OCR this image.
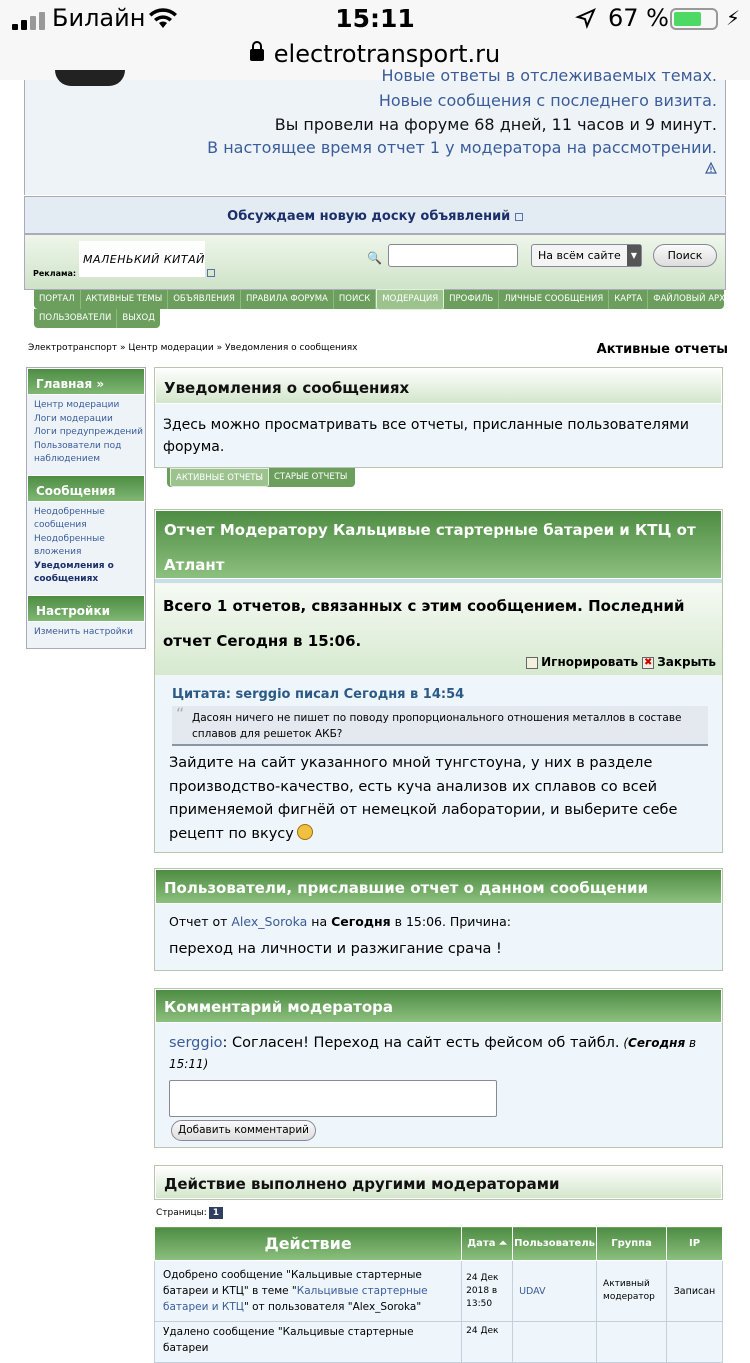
Билайн	15:11	67 %	⚡
electrotransport.ru
Новые ответы в отслеживаемых темах.
Новые сообщения с последнего визита.
Вы провели на форуме 68 дней, 11 часов и 9 минут.
В настоящее время отчет 1 у модератора на рассмотрении.
Обсуждаем новую доску объявлений
Реклама:
МАЛЕНЬКИЙ КИТАЙ	🔍	На всём сайте	▼	Поиск
ПОРТАЛ	АКТИВНЫЕ ТЕМЫ	ОБЪЯВЛЕНИЯ	ПРАВИЛА ФОРУМА	ПОИСК	МОДЕРАЦИЯ	ПРОФИЛЬ	ЛИЧНЫЕ СООБЩЕНИЯ	КАРТА	ФАЙЛОВЫЙ АРХИВ
ПОЛЬЗОВАТЕЛИ	ВЫХОД
Электротранспорт » Центр модерации » Уведомления о сообщениях	Активные отчеты
Главная »
Центр модерации
Логи модерации
Логи предупреждений
Пользователи под наблюдением
Сообщения
Неодобренные сообщения
Неодобренные вложения
Уведомления о сообщениях
Настройки
Изменить настройки
Уведомления о сообщениях
Здесь можно просматривать все отчеты, присланные пользователями форума.
АКТИВНЫЕ ОТЧЕТЫ	СТАРЫЕ ОТЧЕТЫ
Отчет Модератору Кальцивые стартерные батареи и КТЦ от Атлант
Всего 1 отчетов, связанных с этим сообщением. Последний отчет Сегодня в 15:06.
Игнорировать ✖ Закрыть
Цитата: serggio писал Сегодня в 14:54
“ Дасоян ничего не пишет по поводу пропорционального отношения металлов в составе сплавов для решеток АКБ?
Зайдите на сайт указанного мной тунгстоуна, у них в разделе производство-качество, есть куча анализов их сплавов со всей применяемой фигнёй от немецкой лаборатории, и выберите себе рецепт по вкусу
Пользователи, приславшие отчет о данном сообщении
Отчет от Alex_Soroka на Сегодня в 15:06. Причина:
переход на личности и разжигание срача !
Комментарий модератора
serggio: Согласен! Переход на сайт есть фейсом об тайбл. (Сегодня в 15:11)
Добавить комментарий
Действие выполнено другими модераторами
Страницы: 1
Действие	Дата ⏶	Пользователь	Группа	IP
Одобрено сообщение "Кальцивые стартерные батареи и КТЦ" в теме "Кальцивые стартерные батареи и КТЦ" от пользователя "Alex_Soroka"	24 Дек 2018 в 13:50	UDAV	Активный модератор	Записан
Удалено сообщение "Кальцивые стартерные батареи	24 Дек			
